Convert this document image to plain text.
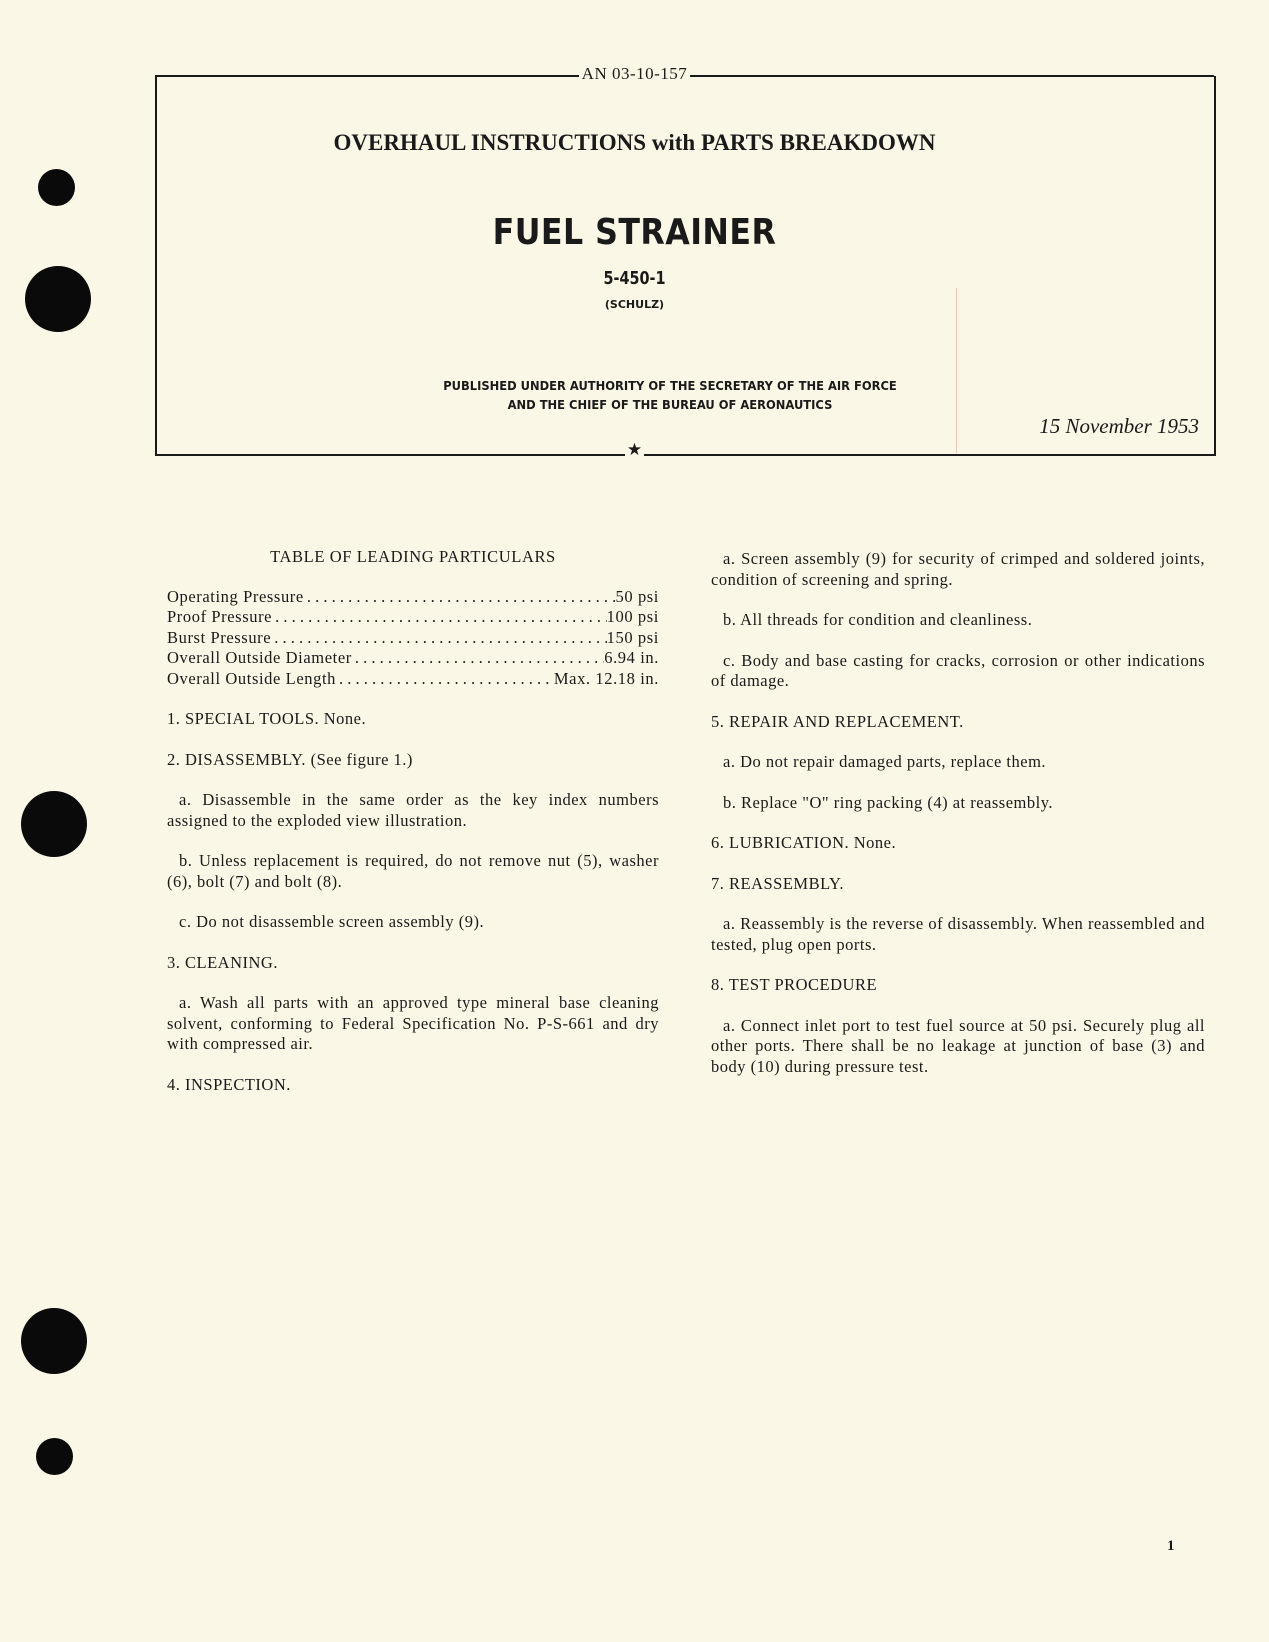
AN 03-10-157
OVERHAUL INSTRUCTIONS with PARTS BREAKDOWN
FUEL STRAINER
5-450-1
(SCHULZ)
PUBLISHED UNDER AUTHORITY OF THE SECRETARY OF THE AIR FORCE
AND THE CHIEF OF THE BUREAU OF AERONAUTICS
15 November 1953
★
TABLE OF LEADING PARTICULARS
Operating Pressure . . .	50 psi
Proof Pressure . . .	100 psi
Burst Pressure . . .	150 psi
Overall Outside Diameter . . .	6.94 in.
Overall Outside Length . . .	Max. 12.18 in.
1. SPECIAL TOOLS. None.
2. DISASSEMBLY. (See figure 1.)
a. Disassemble in the same order as the key index numbers assigned to the exploded view illustration.
b. Unless replacement is required, do not remove nut (5), washer (6), bolt (7) and bolt (8).
c. Do not disassemble screen assembly (9).
3. CLEANING.
a. Wash all parts with an approved type mineral base cleaning solvent, conforming to Federal Specification No. P-S-661 and dry with compressed air.
4. INSPECTION.
a. Screen assembly (9) for security of crimped and soldered joints, condition of screening and spring.
b. All threads for condition and cleanliness.
c. Body and base casting for cracks, corrosion or other indications of damage.
5. REPAIR AND REPLACEMENT.
a. Do not repair damaged parts, replace them.
b. Replace "O" ring packing (4) at reassembly.
6. LUBRICATION. None.
7. REASSEMBLY.
a. Reassembly is the reverse of disassembly. When reassembled and tested, plug open ports.
8. TEST PROCEDURE
a. Connect inlet port to test fuel source at 50 psi. Securely plug all other ports. There shall be no leakage at junction of base (3) and body (10) during pressure test.
1
